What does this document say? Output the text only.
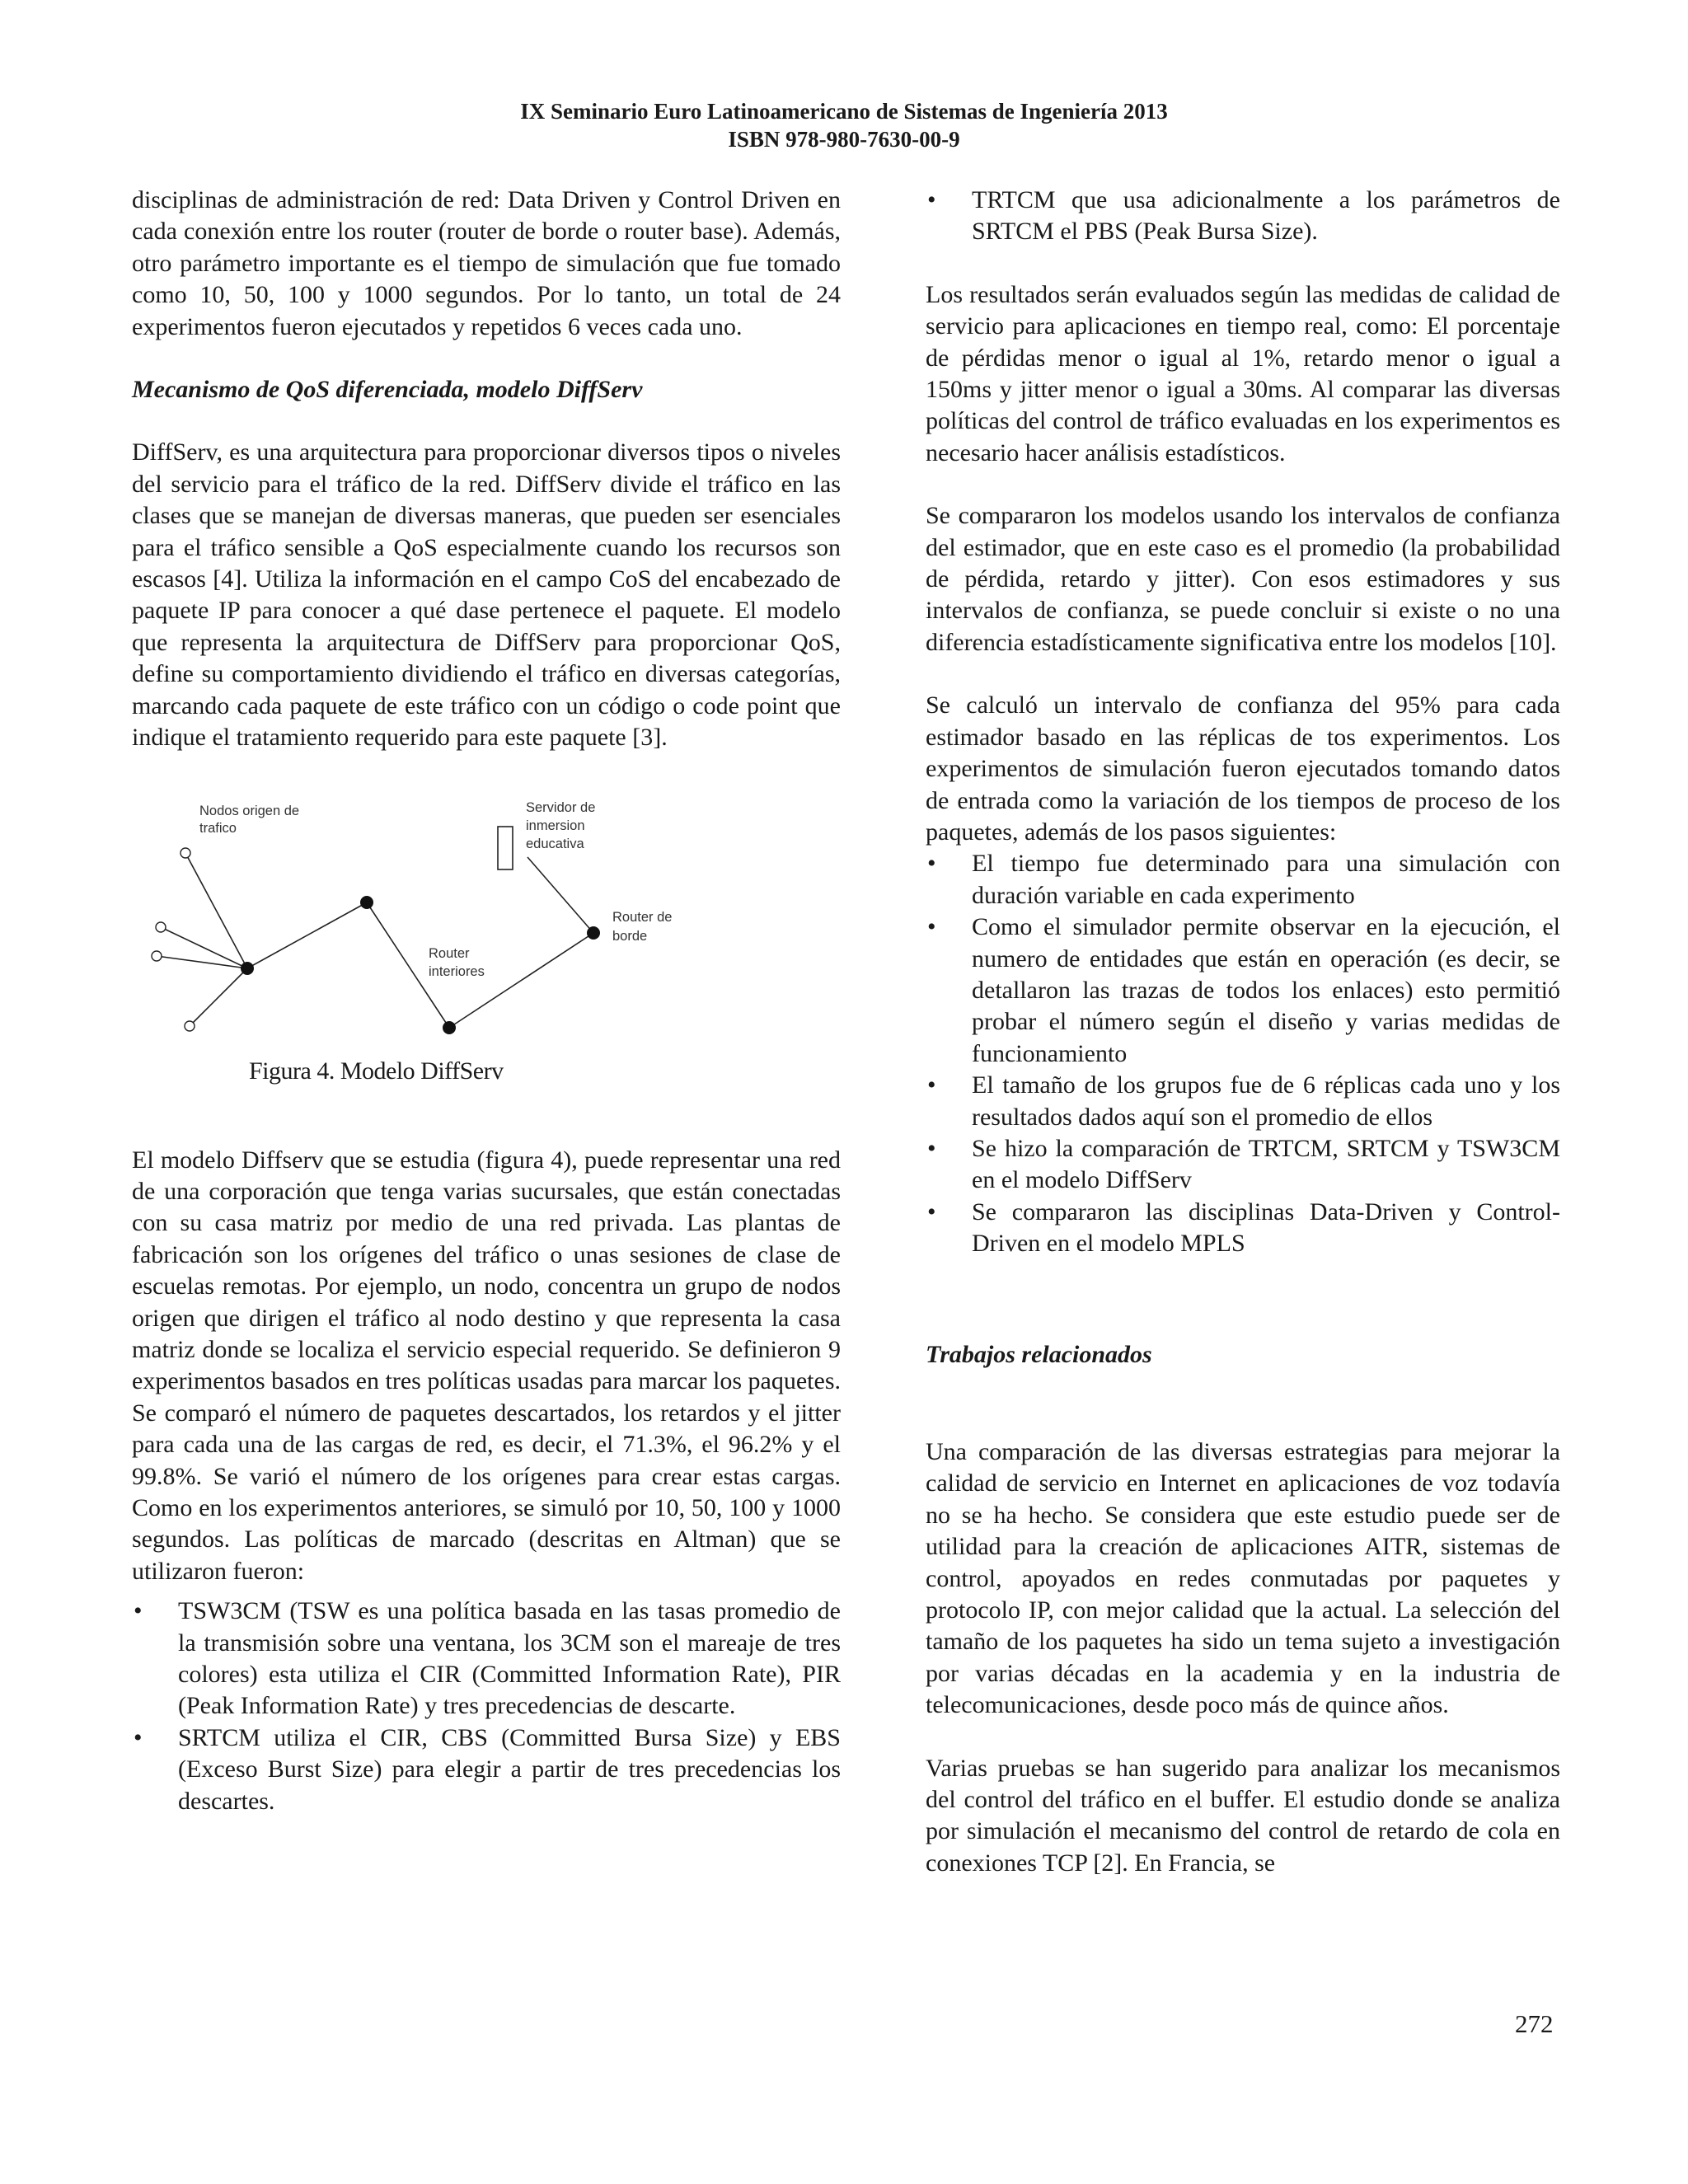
IX Seminario Euro Latinoamericano de Sistemas de Ingeniería 2013
ISBN 978-980-7630-00-9

disciplinas de administración de red: Data Driven y Control Driven en cada conexión entre los router (router de borde o router base). Además, otro parámetro importante es el tiempo de simulación que fue tomado como 10, 50, 100 y 1000 segundos. Por lo tanto, un total de 24 experimentos fueron ejecutados y repetidos 6 veces cada uno.

Mecanismo de QoS diferenciada, modelo DiffServ

DiffServ, es una arquitectura para proporcionar diversos tipos o niveles del servicio para el tráfico de la red. DiffServ divide el tráfico en las clases que se manejan de diversas maneras, que pueden ser esenciales para el tráfico sensible a QoS especialmente cuando los recursos son escasos [4]. Utiliza la información en el campo CoS del encabezado de paquete IP para conocer a qué dase pertenece el paquete. El modelo que representa la arquitectura de DiffServ para proporcionar QoS, define su comportamiento dividiendo el tráfico en diversas categorías, marcando cada paquete de este tráfico con un código o code point que indique el tratamiento requerido para este paquete [3].

Nodos origen de
trafico
Servidor de
inmersion
educativa
Router
interiores
Router de
borde

Figura 4. Modelo DiffServ

El modelo Diffserv que se estudia (figura 4), puede representar una red de una corporación que tenga varias sucursales, que están conectadas con su casa matriz por medio de una red privada. Las plantas de fabricación son los orígenes del tráfico o unas sesiones de clase de escuelas remotas. Por ejemplo, un nodo, concentra un grupo de nodos origen que dirigen el tráfico al nodo destino y que representa la casa matriz donde se localiza el servicio especial requerido. Se definieron 9 experimentos basados en tres políticas usadas para marcar los paquetes. Se comparó el número de paquetes descartados, los retardos y el jitter para cada una de las cargas de red, es decir, el 71.3%, el 96.2% y el 99.8%. Se varió el número de los orígenes para crear estas cargas. Como en los experimentos anteriores, se simuló por 10, 50, 100 y 1000 segundos. Las políticas de marcado (descritas en Altman) que se utilizaron fueron:

• TSW3CM (TSW es una política basada en las tasas promedio de la transmisión sobre una ventana, los 3CM son el mareaje de tres colores) esta utiliza el CIR (Committed Information Rate), PIR (Peak Information Rate) y tres precedencias de descarte.
• SRTCM utiliza el CIR, CBS (Committed Bursa Size) y EBS (Exceso Burst Size) para elegir a partir de tres precedencias los descartes.
• TRTCM que usa adicionalmente a los parámetros de SRTCM el PBS (Peak Bursa Size).

Los resultados serán evaluados según las medidas de calidad de servicio para aplicaciones en tiempo real, como: El porcentaje de pérdidas menor o igual al 1%, retardo menor o igual a 150ms y jitter menor o igual a 30ms. Al comparar las diversas políticas del control de tráfico evaluadas en los experimentos es necesario hacer análisis estadísticos.

Se compararon los modelos usando los intervalos de confianza del estimador, que en este caso es el promedio (la probabilidad de pérdida, retardo y jitter). Con esos estimadores y sus intervalos de confianza, se puede concluir si existe o no una diferencia estadísticamente significativa entre los modelos [10].

Se calculó un intervalo de confianza del 95% para cada estimador basado en las réplicas de tos experimentos. Los experimentos de simulación fueron ejecutados tomando datos de entrada como la variación de los tiempos de proceso de los paquetes, además de los pasos siguientes:

• El tiempo fue determinado para una simulación con duración variable en cada experimento
• Como el simulador permite observar en la ejecución, el numero de entidades que están en operación (es decir, se detallaron las trazas de todos los enlaces) esto permitió probar el número según el diseño y varias medidas de funcionamiento
• El tamaño de los grupos fue de 6 réplicas cada uno y los resultados dados aquí son el promedio de ellos
• Se hizo la comparación de TRTCM, SRTCM y TSW3CM en el modelo DiffServ
• Se compararon las disciplinas Data-Driven y Control-Driven en el modelo MPLS

Trabajos relacionados

Una comparación de las diversas estrategias para mejorar la calidad de servicio en Internet en aplicaciones de voz todavía no se ha hecho. Se considera que este estudio puede ser de utilidad para la creación de aplicaciones AITR, sistemas de control, apoyados en redes conmutadas por paquetes y protocolo IP, con mejor calidad que la actual. La selección del tamaño de los paquetes ha sido un tema sujeto a investigación por varias décadas en la academia y en la industria de telecomunicaciones, desde poco más de quince años.

Varias pruebas se han sugerido para analizar los mecanismos del control del tráfico en el buffer. El estudio donde se analiza por simulación el mecanismo del control de retardo de cola en conexiones TCP [2]. En Francia, se

272
